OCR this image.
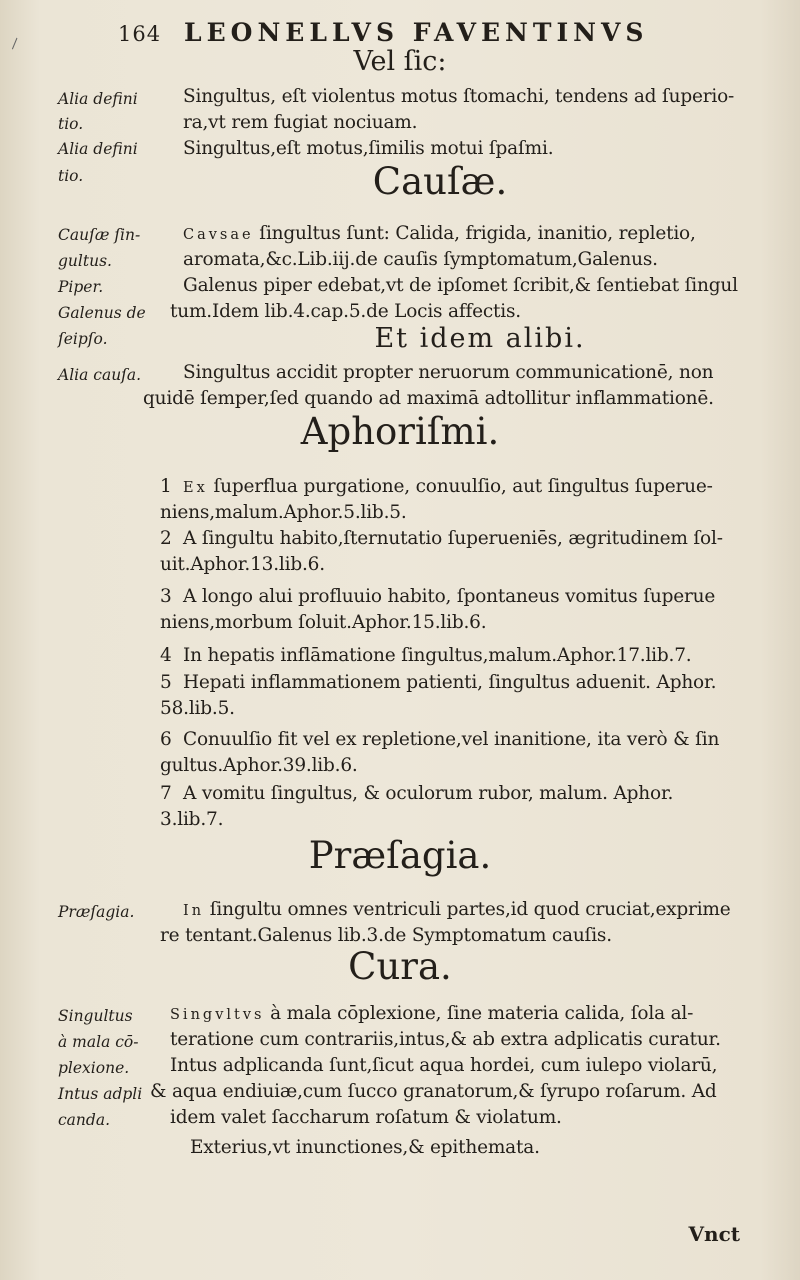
\	164 LEONELLVS FAVENTINVS
Vel ſic:
Alia defini
tio.
Singultus, eſt violentus motus ſtomachi, tendens ad ſuperio-
ra,vt rem fugiat nociuam.
Alia defini
tio.
Singultus,eſt motus,ſimilis motui ſpaſmi.
Cauſæ.
Cauſæ ſin-
gultus.
Cavsae ſingultus ſunt: Calida, frigida, inanitio, repletio,
aromata,&c.Lib.iij.de cauſis ſymptomatum,Galenus.
Piper.	Galenus piper edebat,vt de ipſomet ſcribit,& ſentiebat ſingul
Galenus de tum.Idem lib.4.cap.5.de Locis affectis.
ſeipſo.	Et idem alibi.
Alia cauſa. Singultus accidit propter neruorum communicationē, non
quidē ſemper,ſed quando ad maximā adtollitur inflammationē.
Aphoriſmi.
1 Ex ſuperflua purgatione, conuulſio, aut ſingultus ſuperue-
niens,malum.Aphor.5.lib.5.
2 A ſingultu habito,ſternutatio ſuperueniēs, ægritudinem ſol-
uit.Aphor.13.lib.6.
3 A longo alui profluuio habito, ſpontaneus vomitus ſuperue
niens,morbum ſoluit.Aphor.15.lib.6.
4 In hepatis inflāmatione ſingultus,malum.Aphor.17.lib.7.
5 Hepati inflammationem patienti, ſingultus aduenit. Aphor.
58.lib.5.
6 Conuulſio fit vel ex repletione,vel inanitione, ita verò & ſin
gultus.Aphor.39.lib.6.
7 A vomitu ſingultus, & oculorum rubor, malum. Aphor.
3.lib.7.
Præſagia.
Præſagia.	In ſingultu omnes ventriculi partes,id quod cruciat,exprime
re tentant.Galenus lib.3.de Symptomatum cauſis.
Cura.
Singultus
à mala cō-
plexione.
Intus adpli
canda.
Singvltvs à mala cōplexione, ſine materia calida, ſola al-
teratione cum contrariis,intus,& ab extra adplicatis curatur.
Intus adplicanda ſunt,ſicut aqua hordei, cum iulepo violarū,
& aqua endiuiæ,cum ſucco granatorum,& ſyrupo roſarum. Ad
idem valet ſaccharum roſatum & violatum.
Exterius,vt inunctiones,& epithemata.
Vnct
